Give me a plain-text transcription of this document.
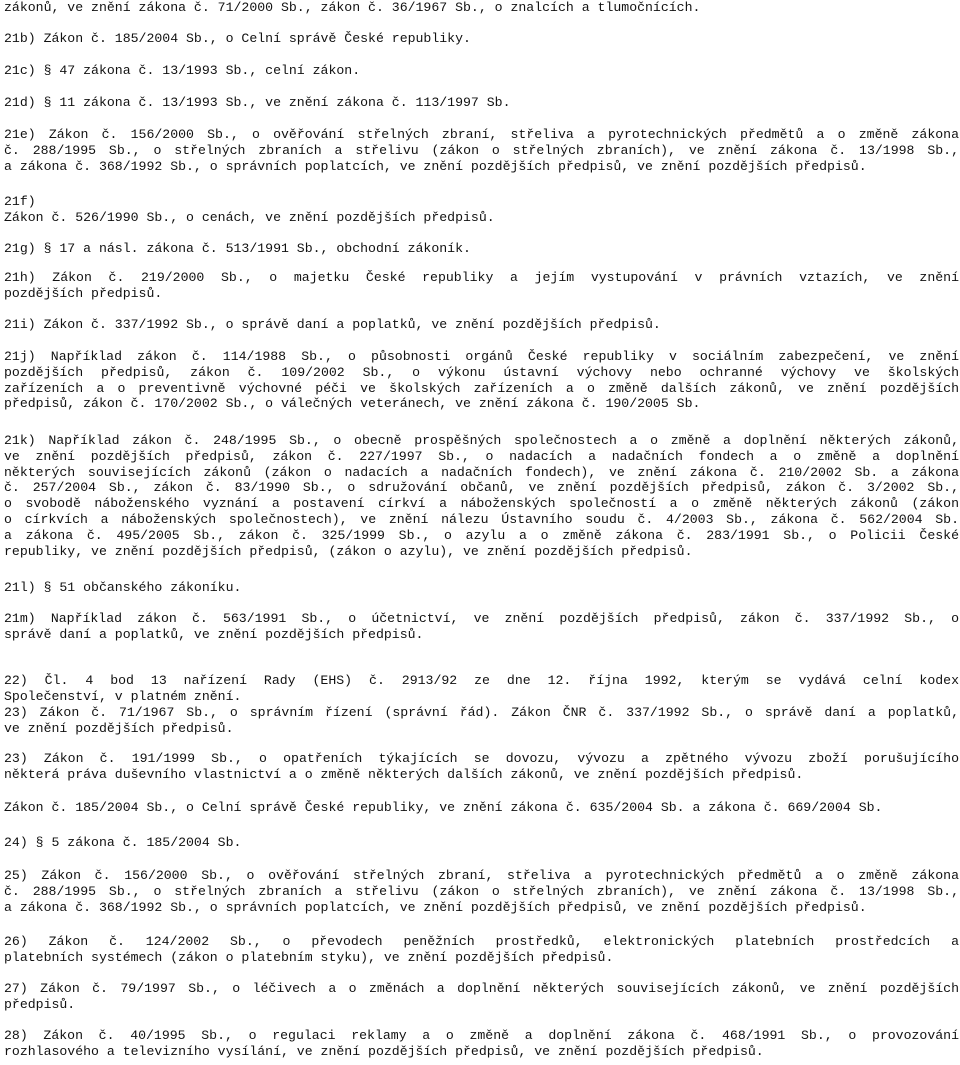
zákonů, ve znění zákona č. 71/2000 Sb., zákon č. 36/1967 Sb., o znalcích a tlumočnících.
21b) Zákon č. 185/2004 Sb., o Celní správě České republiky.
21c) § 47 zákona č. 13/1993 Sb., celní zákon.
21d) § 11 zákona č. 13/1993 Sb., ve znění zákona č. 113/1997 Sb.
21e) Zákon č. 156/2000 Sb., o ověřování střelných zbraní, střeliva a pyrotechnických předmětů a o změně zákona
č. 288/1995 Sb., o střelných zbraních a střelivu (zákon o střelných zbraních), ve znění zákona č. 13/1998 Sb.,
a zákona č. 368/1992 Sb., o správních poplatcích, ve znění pozdějších předpisů, ve znění pozdějších předpisů.
21f)
Zákon č. 526/1990 Sb., o cenách, ve znění pozdějších předpisů.
21g) § 17 a násl. zákona č. 513/1991 Sb., obchodní zákoník.
21h) Zákon č. 219/2000 Sb., o majetku České republiky a jejím vystupování v právních vztazích, ve znění
pozdějších předpisů.
21i) Zákon č. 337/1992 Sb., o správě daní a poplatků, ve znění pozdějších předpisů.
21j) Například zákon č. 114/1988 Sb., o působnosti orgánů České republiky v sociálním zabezpečení, ve znění
pozdějších předpisů, zákon č. 109/2002 Sb., o výkonu ústavní výchovy nebo ochranné výchovy ve školských
zařízeních a o preventivně výchovné péči ve školských zařízeních a o změně dalších zákonů, ve znění pozdějších
předpisů, zákon č. 170/2002 Sb., o válečných veteránech, ve znění zákona č. 190/2005 Sb.
21k) Například zákon č. 248/1995 Sb., o obecně prospěšných společnostech a o změně a doplnění některých zákonů,
ve znění pozdějších předpisů, zákon č. 227/1997 Sb., o nadacích a nadačních fondech a o změně a doplnění
některých souvisejících zákonů (zákon o nadacích a nadačních fondech), ve znění zákona č. 210/2002 Sb. a zákona
č. 257/2004 Sb., zákon č. 83/1990 Sb., o sdružování občanů, ve znění pozdějších předpisů, zákon č. 3/2002 Sb.,
o svobodě náboženského vyznání a postavení církví a náboženských společností a o změně některých zákonů (zákon
o církvích a náboženských společnostech), ve znění nálezu Ústavního soudu č. 4/2003 Sb., zákona č. 562/2004 Sb.
a zákona č. 495/2005 Sb., zákon č. 325/1999 Sb., o azylu a o změně zákona č. 283/1991 Sb., o Policii České
republiky, ve znění pozdějších předpisů, (zákon o azylu), ve znění pozdějších předpisů.
21l) § 51 občanského zákoníku.
21m) Například zákon č. 563/1991 Sb., o účetnictví, ve znění pozdějších předpisů, zákon č. 337/1992 Sb., o
správě daní a poplatků, ve znění pozdějších předpisů.
22) Čl. 4 bod 13 nařízení Rady (EHS) č. 2913/92 ze dne 12. října 1992, kterým se vydává celní kodex
Společenství, v platném znění.
23) Zákon č. 71/1967 Sb., o správním řízení (správní řád). Zákon ČNR č. 337/1992 Sb., o správě daní a poplatků,
ve znění pozdějších předpisů.
23) Zákon č. 191/1999 Sb., o opatřeních týkajících se dovozu, vývozu a zpětného vývozu zboží porušujícího
některá práva duševního vlastnictví a o změně některých dalších zákonů, ve znění pozdějších předpisů.
Zákon č. 185/2004 Sb., o Celní správě České republiky, ve znění zákona č. 635/2004 Sb. a zákona č. 669/2004 Sb.
24) § 5 zákona č. 185/2004 Sb.
25) Zákon č. 156/2000 Sb., o ověřování střelných zbraní, střeliva a pyrotechnických předmětů a o změně zákona
č. 288/1995 Sb., o střelných zbraních a střelivu (zákon o střelných zbraních), ve znění zákona č. 13/1998 Sb.,
a zákona č. 368/1992 Sb., o správních poplatcích, ve znění pozdějších předpisů, ve znění pozdějších předpisů.
26) Zákon č. 124/2002 Sb., o převodech peněžních prostředků, elektronických platebních prostředcích a
platebních systémech (zákon o platebním styku), ve znění pozdějších předpisů.
27) Zákon č. 79/1997 Sb., o léčivech a o změnách a doplnění některých souvisejících zákonů, ve znění pozdějších
předpisů.
28) Zákon č. 40/1995 Sb., o regulaci reklamy a o změně a doplnění zákona č. 468/1991 Sb., o provozování
rozhlasového a televizního vysílání, ve znění pozdějších předpisů, ve znění pozdějších předpisů.
